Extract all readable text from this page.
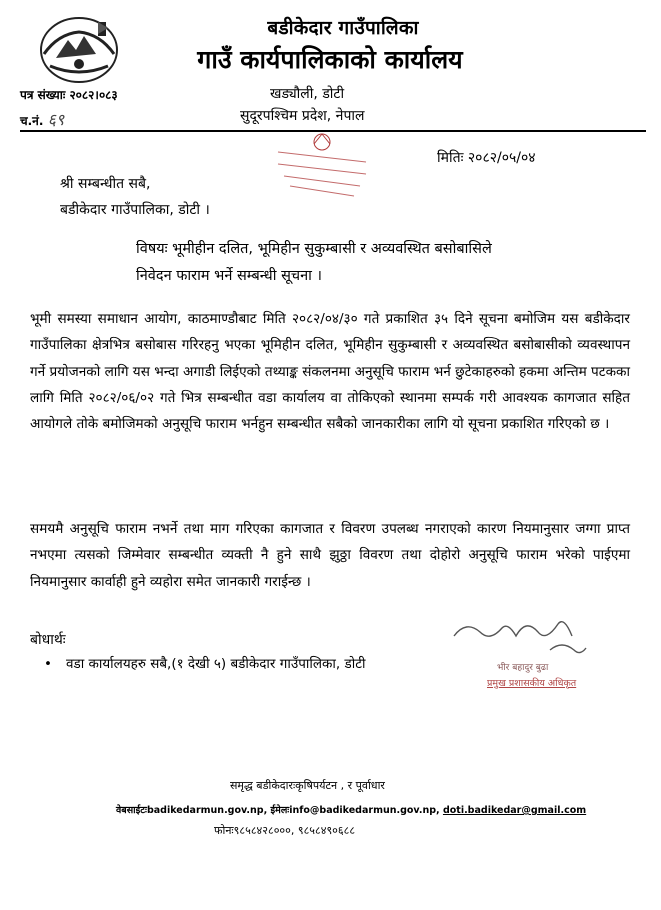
बडीकेदार गाउँपालिका
गाउँ कार्यपालिकाको कार्यालय
खड्यौली, डोटी
सुदूरपश्चिम प्रदेश, नेपाल
पत्र संख्याः २०८२।०८३
च.नं. ६९
मितिः २०८२/०५/०४
श्री सम्बन्धीत सबै,
बडीकेदार गाउँपालिका, डोटी ।
विषयः भूमीहीन दलित, भूमिहीन सुकुम्बासी र अव्यवस्थित बसोबासिले
निवेदन फाराम भर्ने सम्बन्धी सूचना ।
भूमी समस्या समाधान आयोग, काठमाण्डौबाट मिति २०८२/०४/३० गते प्रकाशित ३५ दिने सूचना बमोजिम यस बडीकेदार गाउँपालिका क्षेत्रभित्र बसोबास गरिरहनु भएका भूमिहीन दलित, भूमिहीन सुकुम्बासी र अव्यवस्थित बसोबासीको व्यवस्थापन गर्ने प्रयोजनको लागि यस भन्दा अगाडी लिईएको तथ्याङ्क संकलनमा अनुसूचि फाराम भर्न छुटेकाहरुको हकमा अन्तिम पटकका लागि मिति २०८२/०६/०२ गते भित्र सम्बन्धीत वडा कार्यालय वा तोकिएको स्थानमा सम्पर्क गरी आवश्यक कागजात सहित आयोगले तोके बमोजिमको अनुसूचि फाराम भर्नहुन सम्बन्धीत सबैको जानकारीका लागि यो सूचना प्रकाशित गरिएको छ ।
समयमै अनुसूचि फाराम नभर्ने तथा माग गरिएका कागजात र विवरण उपलब्ध नगराएको कारण नियमानुसार जग्गा प्राप्त नभएमा त्यसको जिम्मेवार सम्बन्धीत व्यक्ती नै हुने साथै झुठ्ठा विवरण तथा दोहोरो अनुसूचि फाराम भरेको पाईएमा नियमानुसार कार्वाही हुने व्यहोरा समेत जानकारी गराईन्छ ।
बोधार्थः
• वडा कार्यालयहरु सबै,(१ देखी ५) बडीकेदार गाउँपालिका, डोटी	भीर बहादुर बुढा
प्रमुख प्रशासकीय अधिकृत
समृद्ध बडीकेदारःकृषिपर्यटन , र पूर्वाधार
वेबसाईटःbadikedarmun.gov.np, ईमेलःinfo@badikedarmun.gov.np, doti.badikedar@gmail.com
फोनः९८५८४२८०००, ९८५८४९०६८८
